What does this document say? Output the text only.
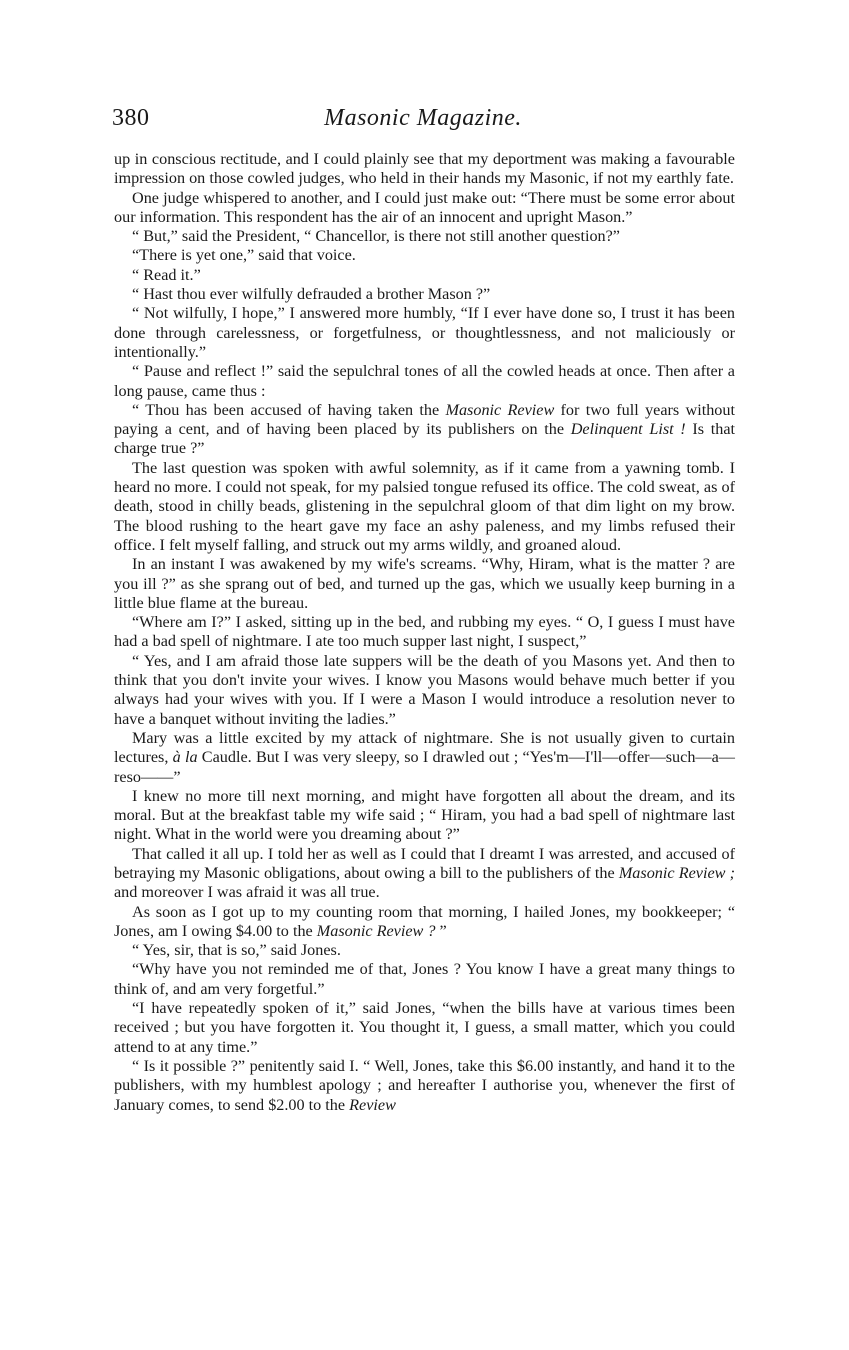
380	Masonic Magazine.

up in conscious rectitude, and I could plainly see that my deportment was making a favourable impression on those cowled judges, who held in their hands my Masonic, if not my earthly fate.

One judge whispered to another, and I could just make out: “There must be some error about our information. This respondent has the air of an innocent and upright Mason.”

“ But,” said the President, “ Chancellor, is there not still another question?”

“There is yet one,” said that voice.

“ Read it.”

“ Hast thou ever wilfully defrauded a brother Mason ?”

“ Not wilfully, I hope,” I answered more humbly, “If I ever have done so, I trust it has been done through carelessness, or forgetfulness, or thoughtlessness, and not maliciously or intentionally.”

“ Pause and reflect !” said the sepulchral tones of all the cowled heads at once. Then after a long pause, came thus :

“ Thou has been accused of having taken the Masonic Review for two full years without paying a cent, and of having been placed by its publishers on the Delinquent List ! Is that charge true ?”

The last question was spoken with awful solemnity, as if it came from a yawning tomb. I heard no more. I could not speak, for my palsied tongue refused its office. The cold sweat, as of death, stood in chilly beads, glistening in the sepulchral gloom of that dim light on my brow. The blood rushing to the heart gave my face an ashy paleness, and my limbs refused their office. I felt myself falling, and struck out my arms wildly, and groaned aloud.

In an instant I was awakened by my wife's screams. “Why, Hiram, what is the matter ? are you ill ?” as she sprang out of bed, and turned up the gas, which we usually keep burning in a little blue flame at the bureau.

“Where am I?” I asked, sitting up in the bed, and rubbing my eyes. “ O, I guess I must have had a bad spell of nightmare. I ate too much supper last night, I suspect,”

“ Yes, and I am afraid those late suppers will be the death of you Masons yet. And then to think that you don't invite your wives. I know you Masons would behave much better if you always had your wives with you. If I were a Mason I would introduce a resolution never to have a banquet without inviting the ladies.”

Mary was a little excited by my attack of nightmare. She is not usually given to curtain lectures, à la Caudle. But I was very sleepy, so I drawled out ; “Yes'm—I'll—offer—such—a—reso——”

I knew no more till next morning, and might have forgotten all about the dream, and its moral. But at the breakfast table my wife said ; “ Hiram, you had a bad spell of nightmare last night. What in the world were you dreaming about ?”

That called it all up. I told her as well as I could that I dreamt I was arrested, and accused of betraying my Masonic obligations, about owing a bill to the publishers of the Masonic Review ; and moreover I was afraid it was all true.

As soon as I got up to my counting room that morning, I hailed Jones, my bookkeeper; “ Jones, am I owing $4.00 to the Masonic Review ? ”

“ Yes, sir, that is so,” said Jones.

“Why have you not reminded me of that, Jones ? You know I have a great many things to think of, and am very forgetful.”

“I have repeatedly spoken of it,” said Jones, “when the bills have at various times been received ; but you have forgotten it. You thought it, I guess, a small matter, which you could attend to at any time.”

“ Is it possible ?” penitently said I. “ Well, Jones, take this $6.00 instantly, and hand it to the publishers, with my humblest apology ; and hereafter I authorise you, whenever the first of January comes, to send $2.00 to the Review
